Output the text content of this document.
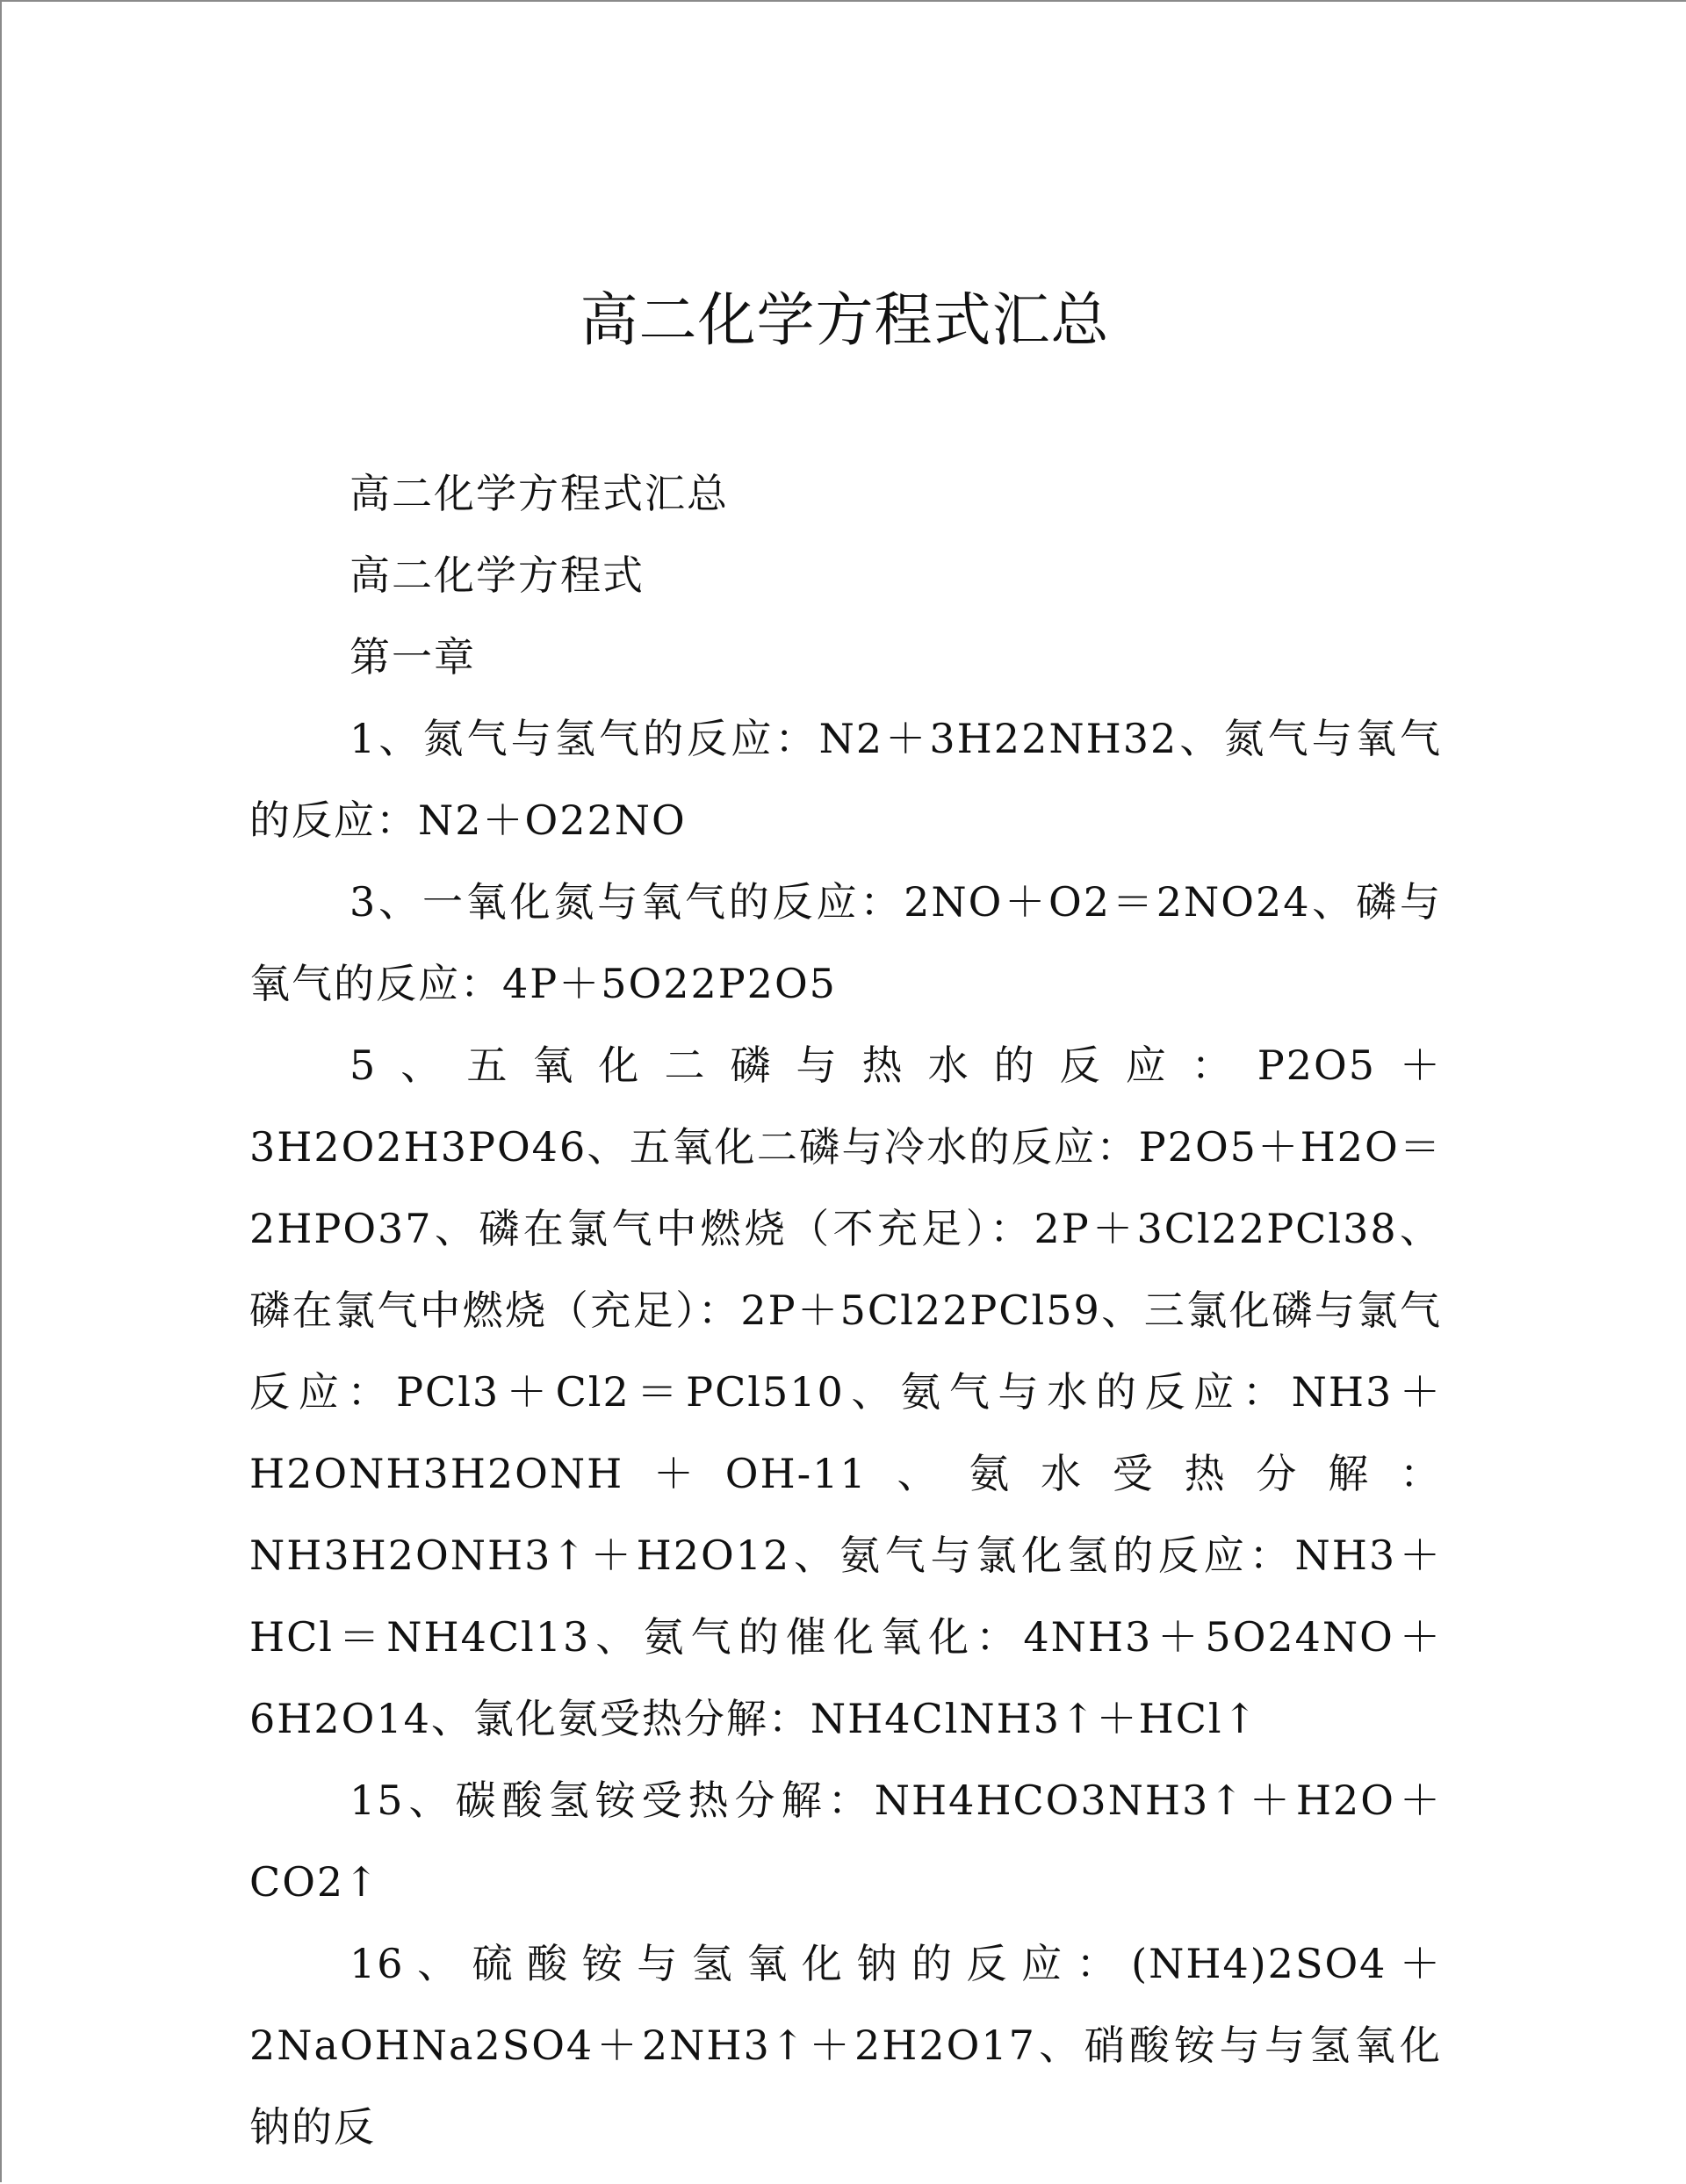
高二化学方程式汇总

高二化学方程式汇总

高二化学方程式

第一章

1、氮气与氢气的反应：N2＋3H22NH32、氮气与氧气的反应：N2＋O22NO

3、一氧化氮与氧气的反应：2NO＋O2＝2NO24、磷与氧气的反应：4P＋5O22P2O5

5、五氧化二磷与热水的反应：P2O5＋3H2O2H3PO46、五氧化二磷与冷水的反应：P2O5＋H2O＝2HPO37、磷在氯气中燃烧（不充足）：2P＋3Cl22PCl38、磷在氯气中燃烧（充足）：2P＋5Cl22PCl59、三氯化磷与氯气反应：PCl3＋Cl2＝PCl510、氨气与水的反应：NH3＋H2ONH3H2ONH＋OH-11、氨水受热分解：NH3H2ONH3↑＋H2O12、氨气与氯化氢的反应：NH3＋HCl＝NH4Cl13、氨气的催化氧化：4NH3＋5O24NO＋6H2O14、氯化氨受热分解：NH4ClNH3↑＋HCl↑

15、碳酸氢铵受热分解：NH4HCO3NH3↑＋H2O＋CO2↑

16、硫酸铵与氢氧化钠的反应：(NH4)2SO4＋2NaOHNa2SO4＋2NH3↑＋2H2O17、硝酸铵与与氢氧化钠的反
